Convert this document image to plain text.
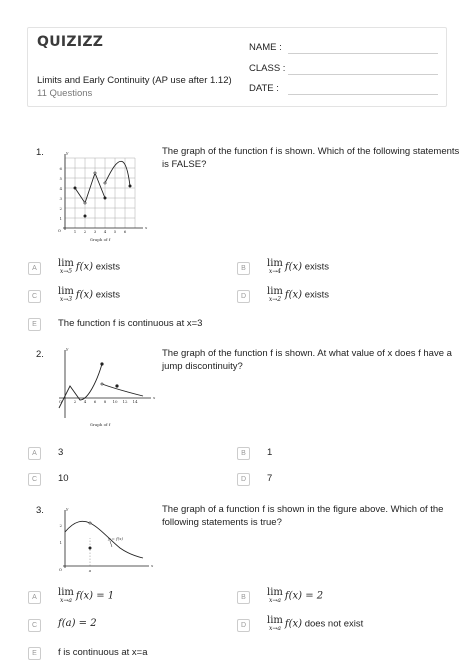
QUIZIZZ
Limits and Early Continuity (AP use after 1.12)
11 Questions
NAME :
CLASS :
DATE :
1.	The graph of the function f is shown. Which of the following statements is FALSE?
1
2
3
4
5
6
1 2 3 4 5 6
O
x
y
Graph of f
A	lim
x→5 f(x) exists	B	lim
x→4 f(x) exists
C	lim
x→3 f(x) exists	D	lim
x→2 f(x) exists
E	The function f is continuous at x=3
2.	The graph of the function f is shown. At what value of x does f have a jump discontinuity?
2 4 6 8 10 12 14
O
x
y
Graph of f
A	3	B	1
C	10	D	7
3.	The graph of a function f is shown in the figure above. Which of the following statements is true?
1
2
a
O
x
y
y = f(x)
A	lim
x→a f(x) = 1	B	lim
x→a f(x) = 2
C	f(a) = 2	D	lim
x→a f(x) does not exist
E	f is continuous at x=a
